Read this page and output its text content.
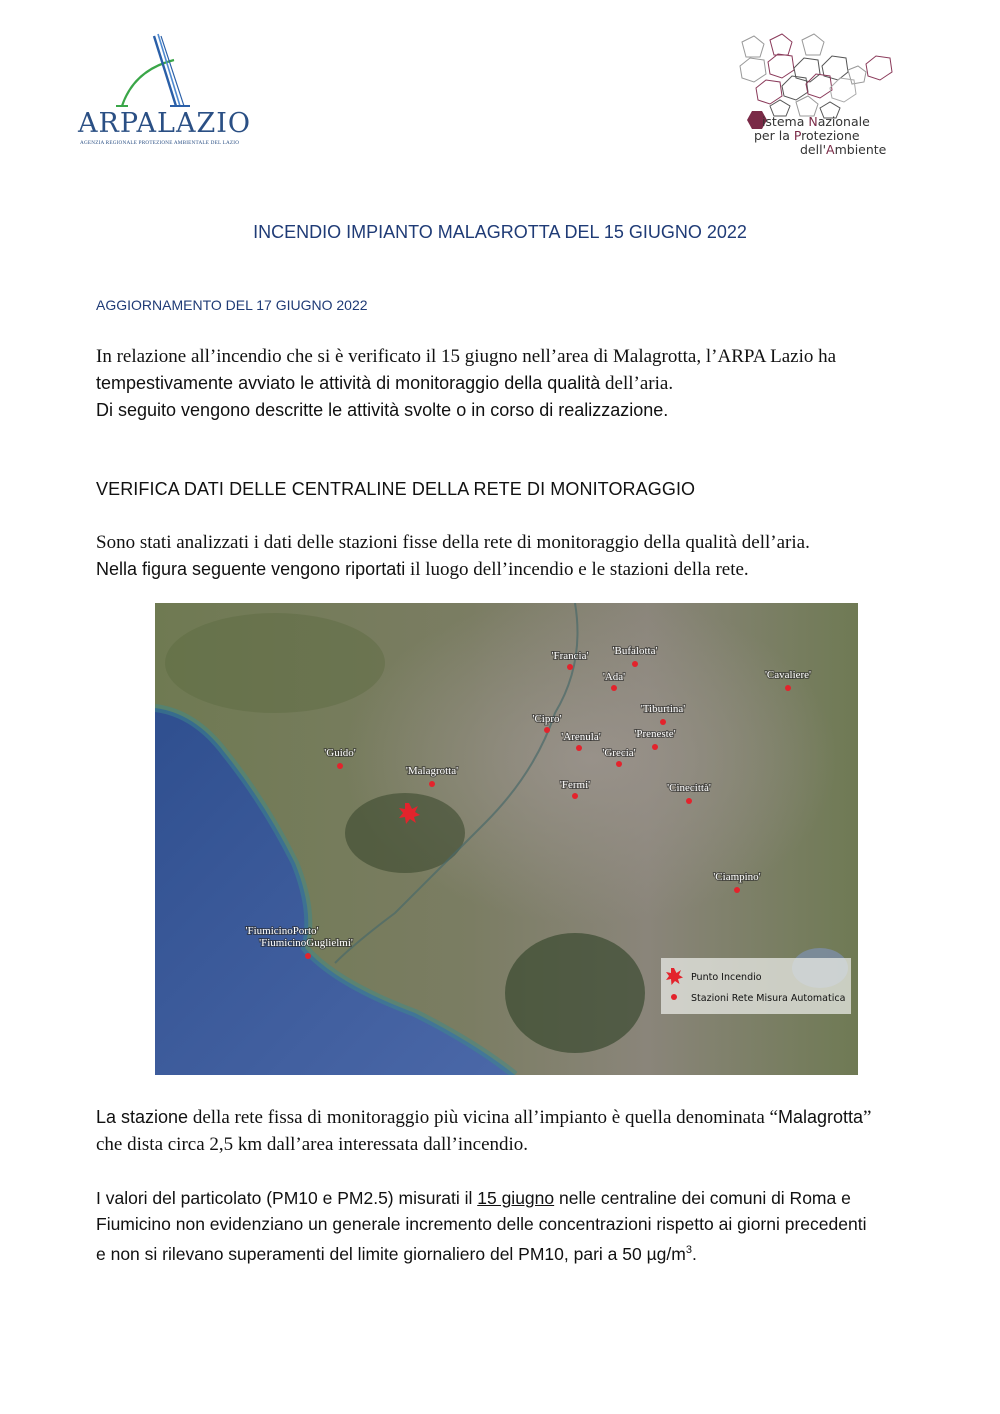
ARPALAZIO
AGENZIA REGIONALE PROTEZIONE AMBIENTALE DEL LAZIO
Sistema Nazionale
per la Protezione
dell'Ambiente
INCENDIO IMPIANTO MALAGROTTA DEL 15 GIUGNO 2022
AGGIORNAMENTO DEL 17 GIUGNO 2022
In relazione all’incendio che si è verificato il 15 giugno nell’area di Malagrotta, l’ARPA Lazio ha
tempestivamente avviato le attività di monitoraggio della qualità dell’aria.
Di seguito vengono descritte le attività svolte o in corso di realizzazione.
VERIFICA DATI DELLE CENTRALINE DELLA RETE DI MONITORAGGIO
Sono stati analizzati i dati delle stazioni fisse della rete di monitoraggio della qualità dell’aria.
Nella figura seguente vengono riportati il luogo dell’incendio e le stazioni della rete.
'Francia' 'Bufalotta'
'Ada'	'Cavaliere'
'Tiburtina'
'Cipro'
'Arenula'	'Preneste'
'Grecia'
'Fermi'	'Cinecittà'
'Ciampino'
'Guido'
'Malagrotta'
'FiumicinoPorto'
'FiumicinoGuglielmi'
Punto Incendio
Stazioni Rete Misura Automatica
La stazione della rete fissa di monitoraggio più vicina all’impianto è quella denominata “Malagrotta”
che dista circa 2,5 km dall’area interessata dall’incendio.
I valori del particolato (PM10 e PM2.5) misurati il 15 giugno nelle centraline dei comuni di Roma e
Fiumicino non evidenziano un generale incremento delle concentrazioni rispetto ai giorni precedenti
e non si rilevano superamenti del limite giornaliero del PM10, pari a 50 $\mu g/m^3$.
